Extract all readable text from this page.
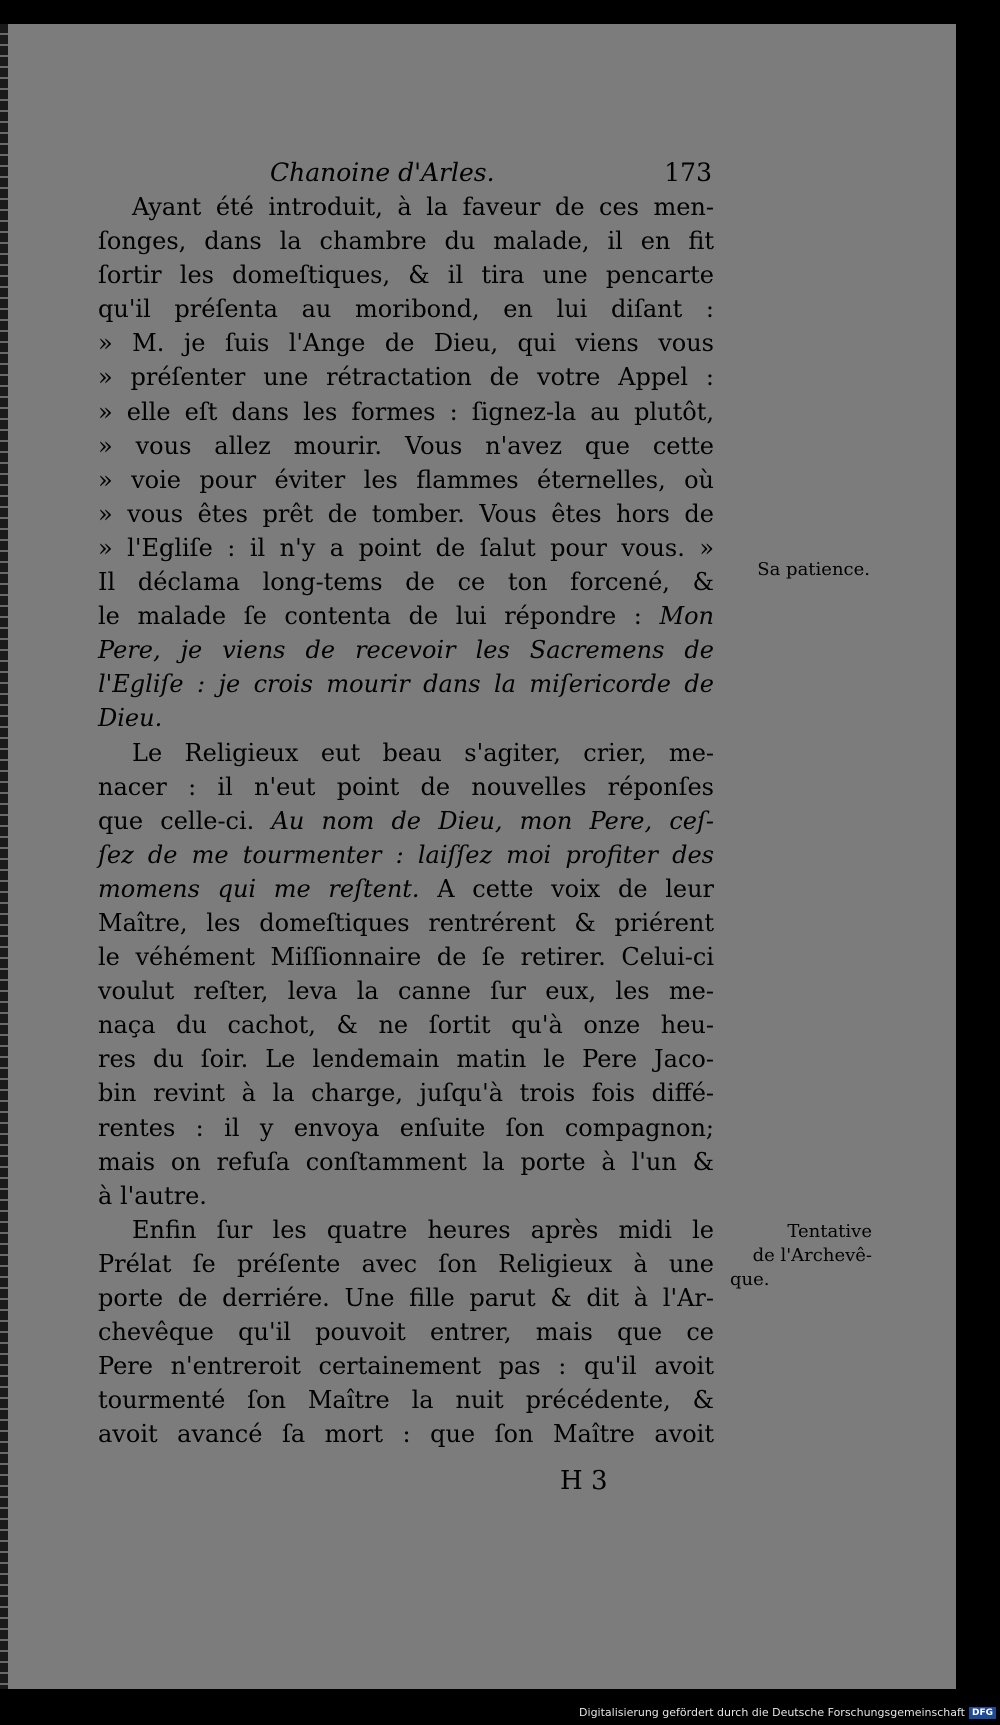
Chanoine d'Arles.	173

Ayant été introduit, à la faveur de ces men-

ſonges, dans la chambre du malade, il en fit

ſortir les domeſtiques, & il tira une pencarte

qu'il préſenta au moribond, en lui diſant :

» M. je ſuis l'Ange de Dieu, qui viens vous

» préſenter une rétractation de votre Appel :

» elle eſt dans les formes : ſignez-la au plutôt,

» vous allez mourir. Vous n'avez que cette

» voie pour éviter les flammes éternelles, où

» vous êtes prêt de tomber. Vous êtes hors de

» l'Egliſe : il n'y a point de ſalut pour vous. »

Il déclama long-tems de ce ton forcené, &

le malade ſe contenta de lui répondre : Mon

Pere, je viens de recevoir les Sacremens de

l'Egliſe : je crois mourir dans la miſericorde de

Dieu.

Le Religieux eut beau s'agiter, crier, me-

nacer : il n'eut point de nouvelles réponſes

que celle-ci. Au nom de Dieu, mon Pere, ceſ-

ſez de me tourmenter : laiſſez moi profiter des

momens qui me reſtent. A cette voix de leur

Maître, les domeſtiques rentrérent & priérent

le véhément Miſſionnaire de ſe retirer. Celui-ci

voulut reſter, leva la canne ſur eux, les me-

naça du cachot, & ne ſortit qu'à onze heu-

res du ſoir. Le lendemain matin le Pere Jaco-

bin revint à la charge, juſqu'à trois fois diffé-

rentes : il y envoya enſuite ſon compagnon;

mais on refuſa conſtamment la porte à l'un &

à l'autre.

Enfin ſur les quatre heures après midi le

Prélat ſe préſente avec ſon Religieux à une

porte de derriére. Une fille parut & dit à l'Ar-

chevêque qu'il pouvoit entrer, mais que ce

Pere n'entreroit certainement pas : qu'il avoit

tourmenté ſon Maître la nuit précédente, &

avoit avancé ſa mort : que ſon Maître avoit

Sa patience.
Tentative
de l'Archevê-
que.
H 3
Digitalisierung gefördert durch die Deutsche Forschungsgemeinschaft DFG
